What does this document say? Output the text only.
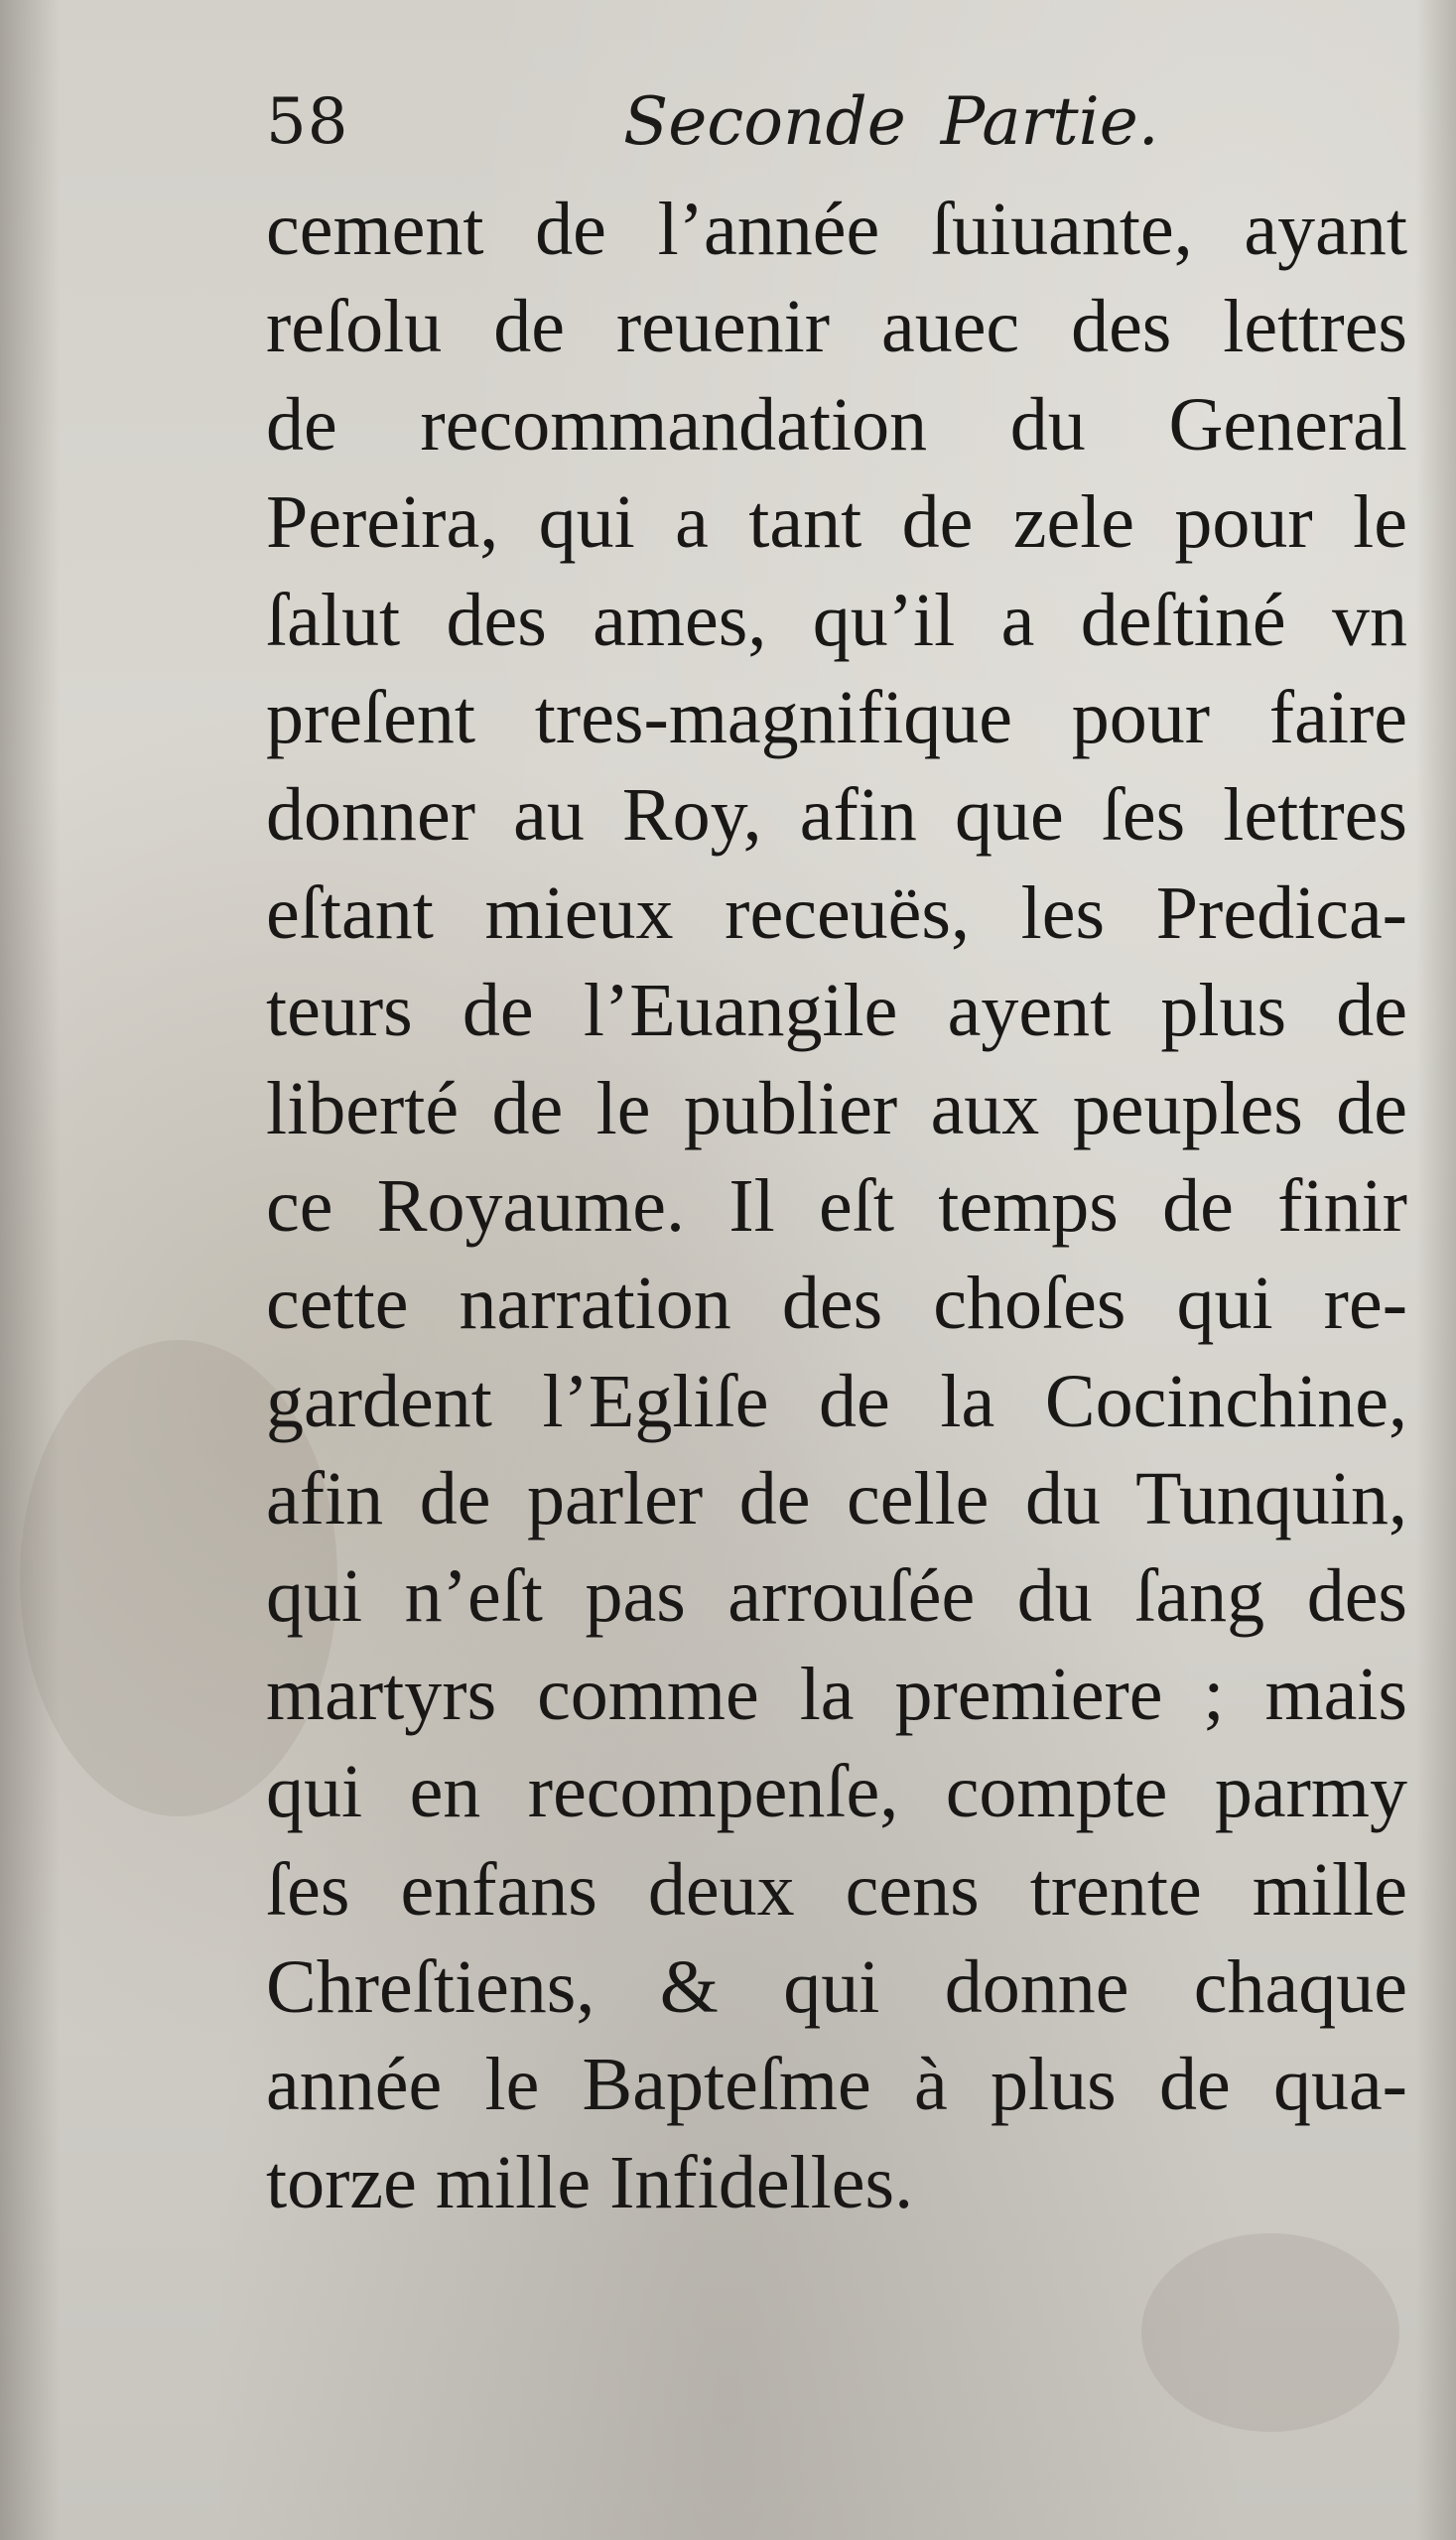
58	Seconde Partie.
cement de l’année ſuiuante, ayant
reſolu de reuenir auec des lettres
de recommandation du General
Pereira, qui a tant de zele pour le
ſalut des ames, qu’il a deſtiné vn
preſent tres-magnifique pour faire
donner au Roy, afin que ſes lettres
eſtant mieux receuës, les Predica-
teurs de l’Euangile ayent plus de
liberté de le publier aux peuples de
ce Royaume. Il eſt temps de finir
cette narration des choſes qui re-
gardent l’Egliſe de la Cocinchine,
afin de parler de celle du Tunquin,
qui n’eſt pas arrouſée du ſang des
martyrs comme la premiere ; mais
qui en recompenſe, compte parmy
ſes enfans deux cens trente mille
Chreſtiens, & qui donne chaque
année le Bapteſme à plus de qua-
torze mille Infidelles.
